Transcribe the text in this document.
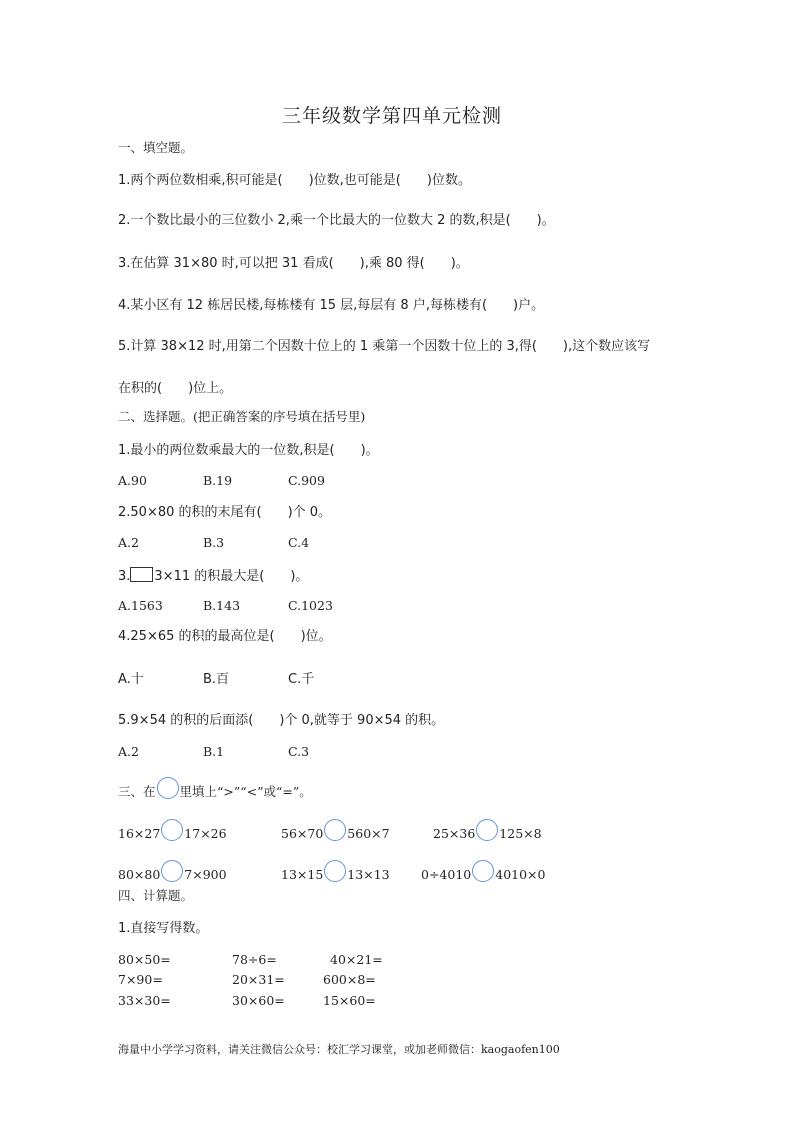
三年级数学第四单元检测
一、填空题。
1.两个两位数相乘,积可能是(　　)位数,也可能是(　　)位数。
2.一个数比最小的三位数小 2,乘一个比最大的一位数大 2 的数,积是(　　)。
3.在估算 31×80 时,可以把 31 看成(　　),乘 80 得(　　)。
4.某小区有 12 栋居民楼,每栋楼有 15 层,每层有 8 户,每栋楼有(　　)户。
5.计算 38×12 时,用第二个因数十位上的 1 乘第一个因数十位上的 3,得(　　),这个数应该写
在积的(　　)位上。
二、选择题。(把正确答案的序号填在括号里)
1.最小的两位数乘最大的一位数,积是(　　)。
A.90	B.19	C.909
2.50×80 的积的末尾有(　　)个 0。
A.2	B.3	C.4
3. 3×11 的积最大是(　　)。
A.1563	B.143	C.1023
4.25×65 的积的最高位是(　　)位。
A.十	B.百	C.千
5.9×54 的积的后面添(　　)个 0,就等于 90×54 的积。
A.2	B.1	C.3
三、在 里填上“>”“<”或“=”。
16×27 17×26	56×70 560×7	25×36 125×8
80×80 7×900	13×15 13×13	0÷4010 4010×0
四、计算题。
1.直接写得数。
80×50=	78÷6=	40×21=
7×90=	20×31=	600×8=
33×30=	30×60=	15×60=
海量中小学学习资料，请关注微信公众号：校汇学习课堂，或加老师微信：kaogaofen100
